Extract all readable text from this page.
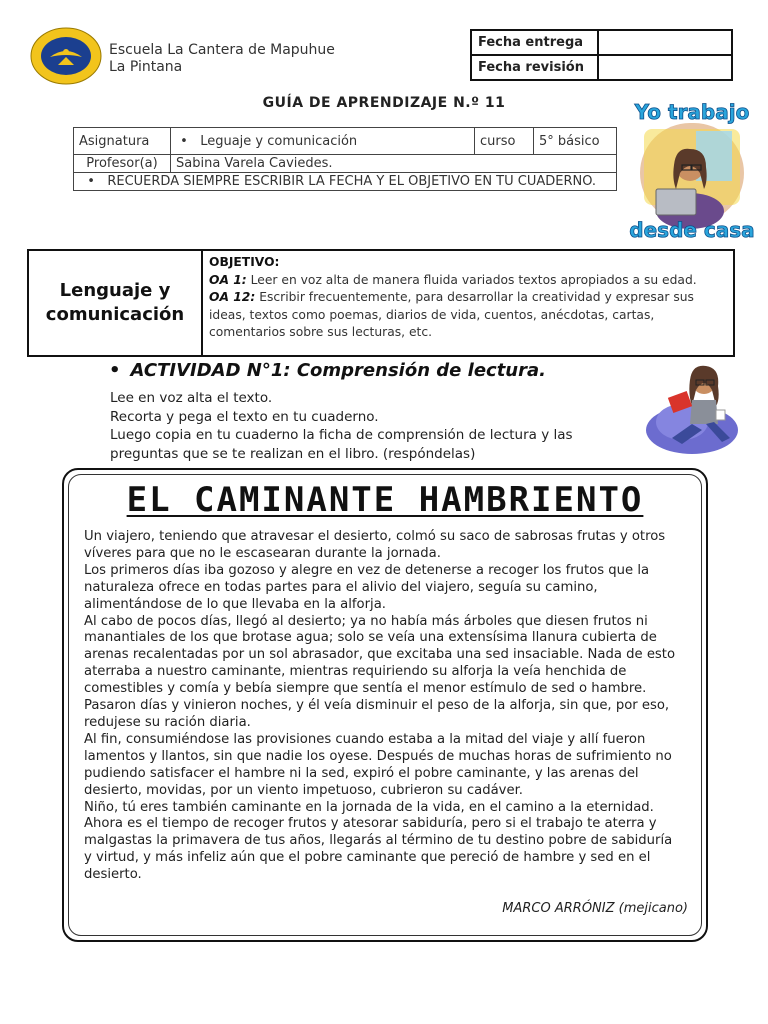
Escuela La Cantera de Mapuhue
La Pintana
Fecha entrega	
Fecha revisión	
GUÍA DE APRENDIZAJE N.º 11
Asignatura	•   Leguaje y comunicación	curso	5° básico
Profesor(a)	Sabina Varela Caviedes.		
•   RECUERDA SIEMPRE ESCRIBIR LA FECHA Y EL OBJETIVO EN TU CUADERNO.			
Yo trabajo
desde casa
Lenguaje y
comunicación
OBJETIVO:
OA 1: Leer en voz alta de manera fluida variados textos apropiados a su edad.
OA 12: Escribir frecuentemente, para desarrollar la creatividad y expresar sus ideas, textos como poemas, diarios de vida, cuentos, anécdotas, cartas, comentarios sobre sus lecturas, etc.
• ACTIVIDAD N°1: Comprensión de lectura.
Lee en voz alta el texto.
Recorta y pega el texto en tu cuaderno.
Luego copia en tu cuaderno la ficha de comprensión de lectura y las preguntas que se te realizan en el libro. (respóndelas)
EL CAMINANTE HAMBRIENTO

Un viajero, teniendo que atravesar el desierto, colmó su saco de sabrosas frutas y otros víveres para que no le escasearan durante la jornada.

Los primeros días iba gozoso y alegre en vez de detenerse a recoger los frutos que la naturaleza ofrece en todas partes para el alivio del viajero, seguía su camino, alimentándose de lo que llevaba en la alforja.

Al cabo de pocos días, llegó al desierto; ya no había más árboles que diesen frutos ni manantiales de los que brotase agua; solo se veía una extensísima llanura cubierta de arenas recalentadas por un sol abrasador, que excitaba una sed insaciable. Nada de esto aterraba a nuestro caminante, mientras requiriendo su alforja la veía henchida de comestibles y comía y bebía siempre que sentía el menor estímulo de sed o hambre.

Pasaron días y vinieron noches, y él veía disminuir el peso de la alforja, sin que, por eso, redujese su ración diaria.

Al fin, consumiéndose las provisiones cuando estaba a la mitad del viaje y allí fueron lamentos y llantos, sin que nadie los oyese. Después de muchas horas de sufrimiento no pudiendo satisfacer el hambre ni la sed, expiró el pobre caminante, y las arenas del desierto, movidas, por un viento impetuoso, cubrieron su cadáver.

Niño, tú eres también caminante en la jornada de la vida, en el camino a la eternidad. Ahora es el tiempo de recoger frutos y atesorar sabiduría, pero si el trabajo te aterra y malgastas la primavera de tus años, llegarás al término de tu destino pobre de sabiduría y virtud, y más infeliz aún que el pobre caminante que pereció de hambre y sed en el desierto.

MARCO ARRÓNIZ (mejicano)
